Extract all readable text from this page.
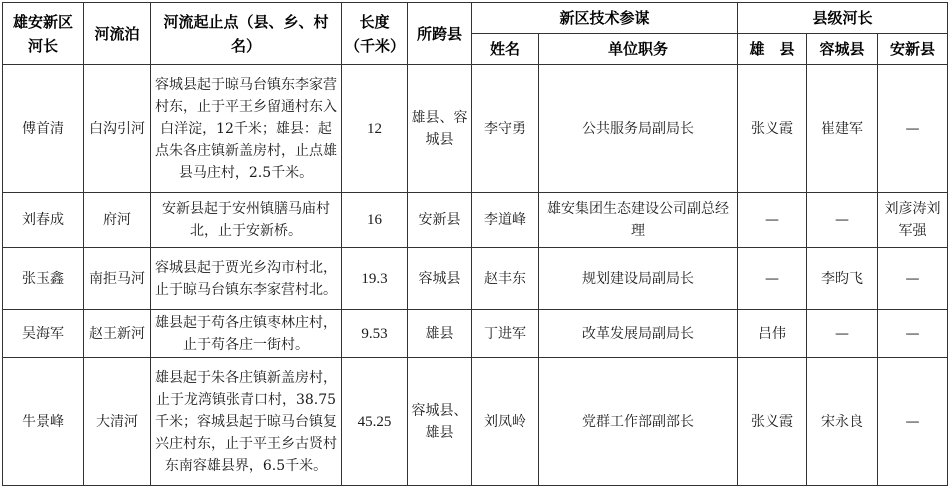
雄安新区河长	河流泊	河流起止点（县、乡、村名）	长度（千米）	所跨县	新区技术参谋		县级河长		
					姓名	单位职务	雄　县	容城县	安新县
傅首清	白沟引河	容城县起于晾马台镇东李家营村东，止于平王乡留通村东入白洋淀，12千米；雄县：起点朱各庄镇新盖房村，止点雄县马庄村，2.5千米。	12	雄县、容城县	李守勇	公共服务局副局长	张义霞	崔建军	—
刘春成	府河	安新县起于安州镇膳马庙村北，止于安新桥。	16	安新县	李道峰	雄安集团生态建设公司副总经理	—	—	刘彦涛刘军强
张玉鑫	南拒马河	容城县起于贾光乡沟市村北，止于晾马台镇东李家营村北。	19.3	容城县	赵丰东	规划建设局副局长	—	李昀飞	—
吴海军	赵王新河	雄县起于苟各庄镇枣林庄村，止于苟各庄一街村。	9.53	雄县	丁进军	改革发展局副局长	吕伟	—	—
牛景峰	大清河	雄县起于朱各庄镇新盖房村，止于龙湾镇张青口村，38.75千米；容城县起于晾马台镇复兴庄村东，止于平王乡古贤村东南容雄县界，6.5千米。	45.25	容城县、雄县	刘凤岭	党群工作部副部长	张义霞	宋永良	—
